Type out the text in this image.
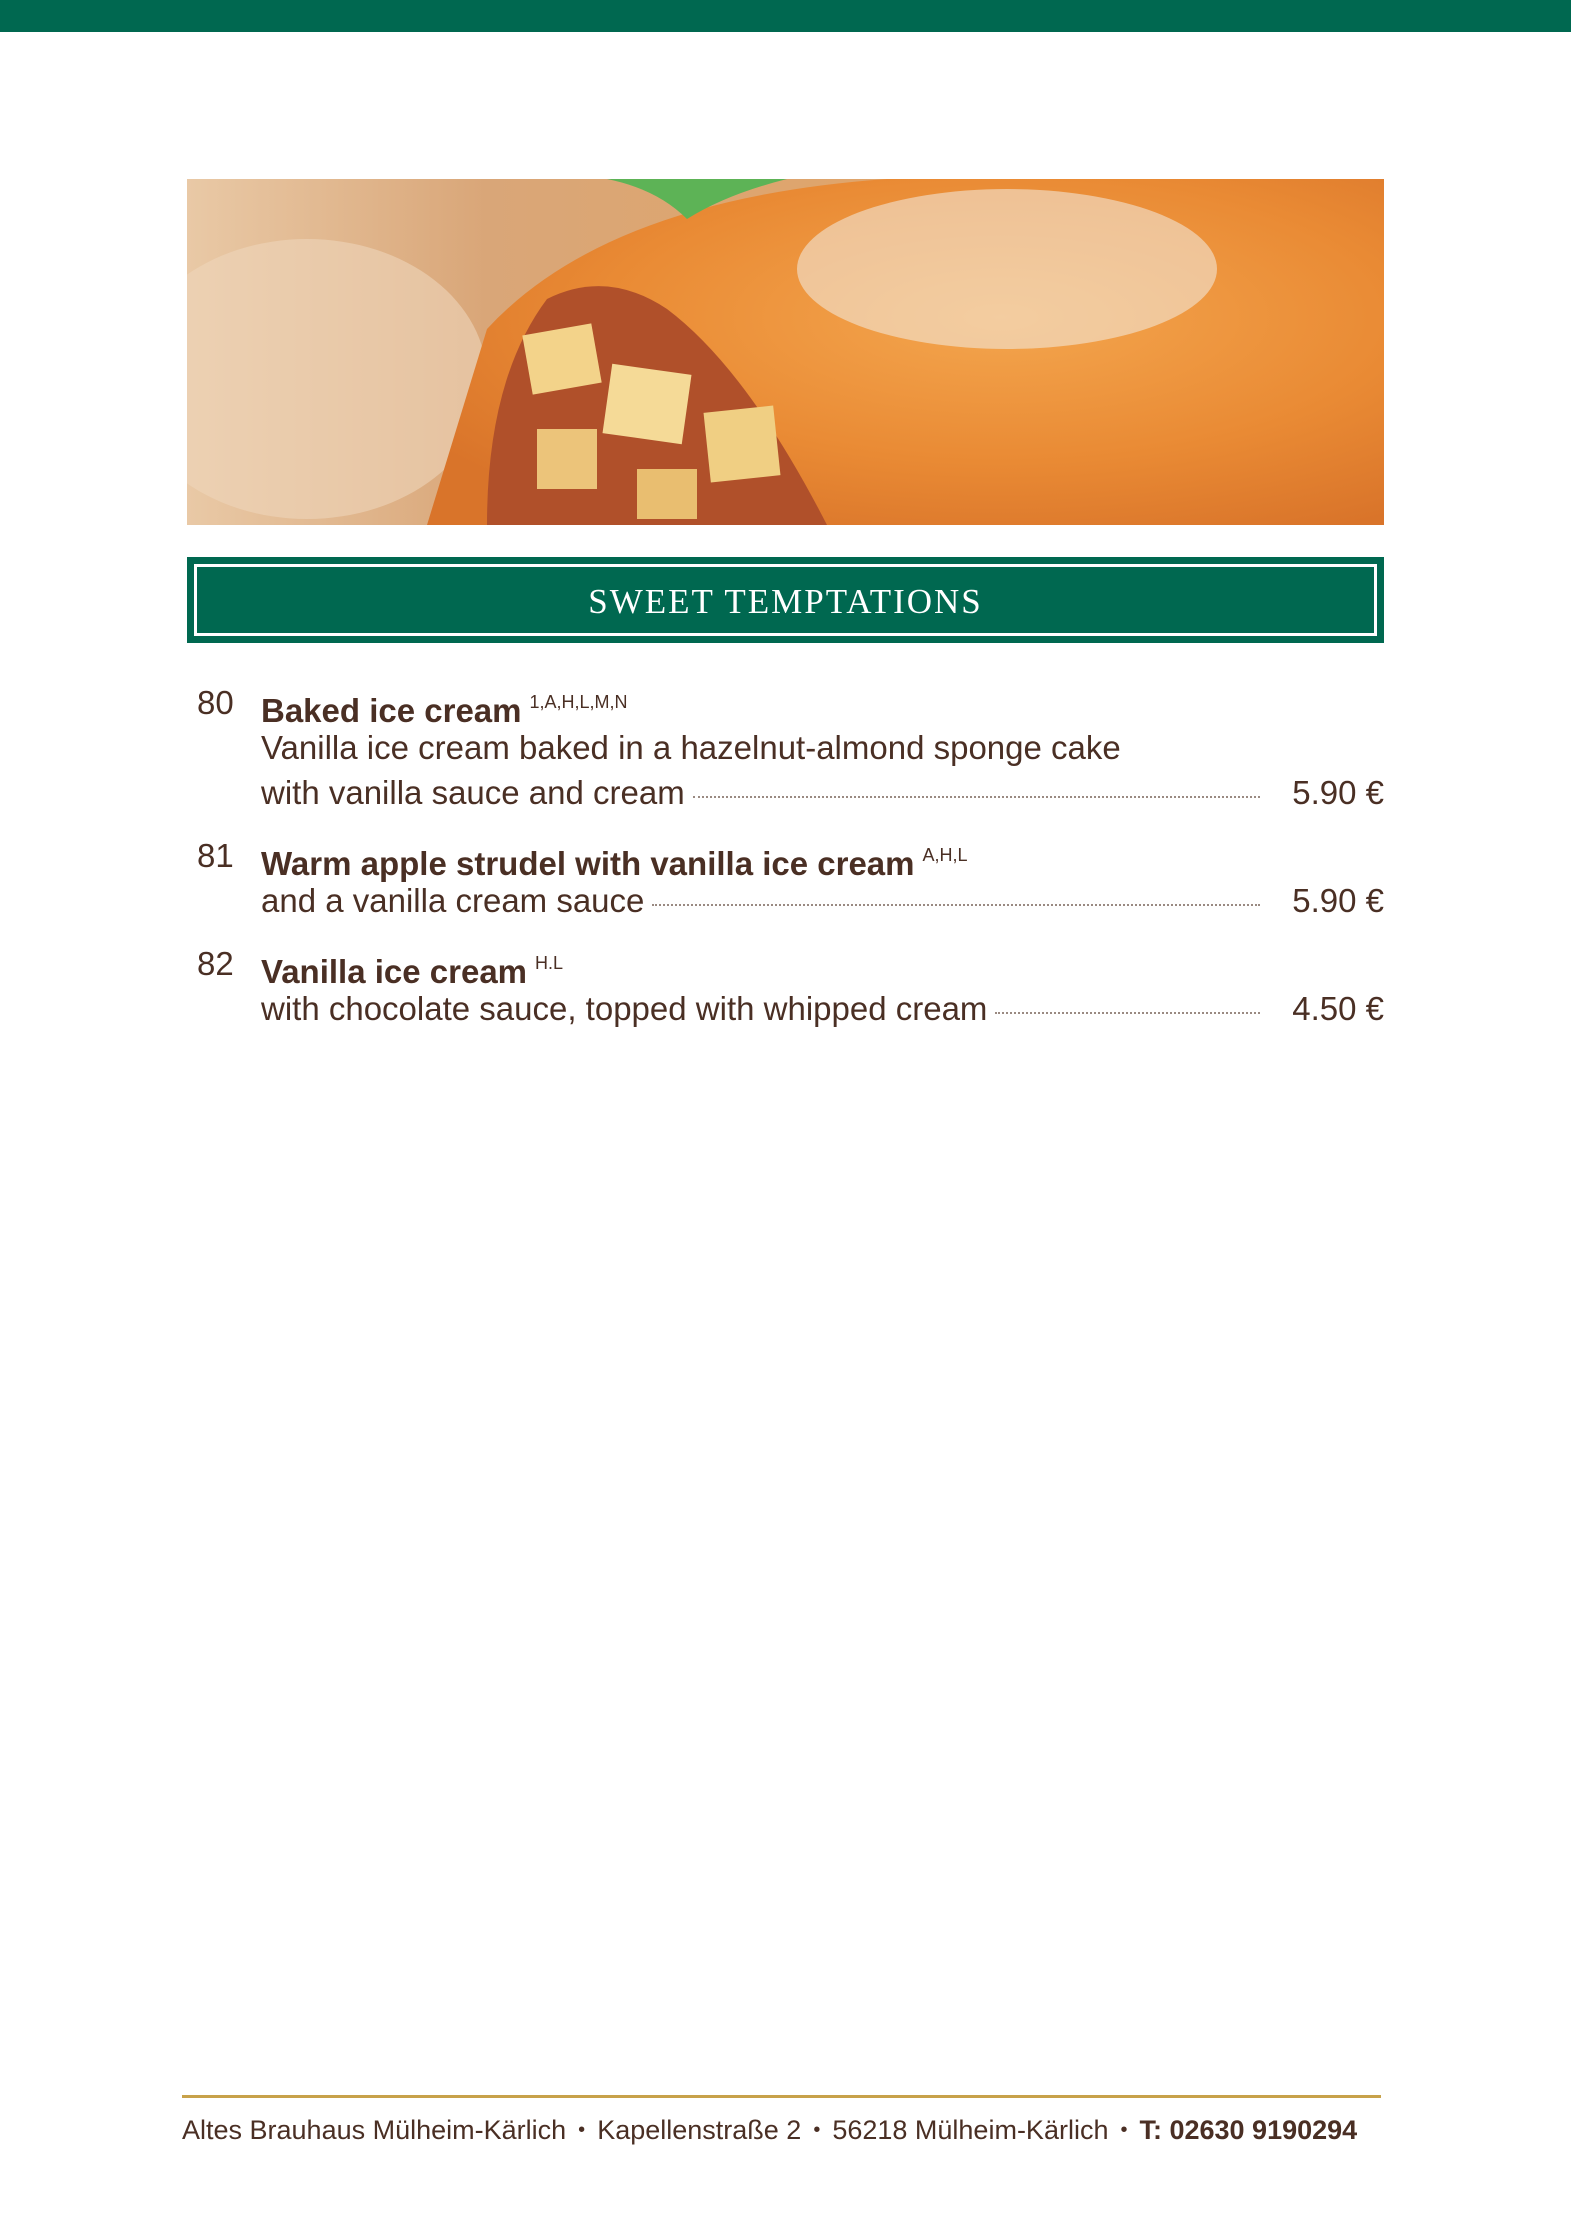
SWEET TEMPTATIONS
80 Baked ice cream $^{1,A,H,L,M,N}$
Vanilla ice cream baked in a hazelnut-almond sponge cake
with vanilla sauce and cream	5.90 €
81 Warm apple strudel with vanilla ice cream $^{A,H,L}$
and a vanilla cream sauce	5.90 €
82 Vanilla ice cream $^{H.L}$
with chocolate sauce, topped with whipped cream	4.50 €
Altes Brauhaus Mülheim-Kärlich • Kapellenstraße 2 • 56218 Mülheim-Kärlich • T: 02630 9190294
